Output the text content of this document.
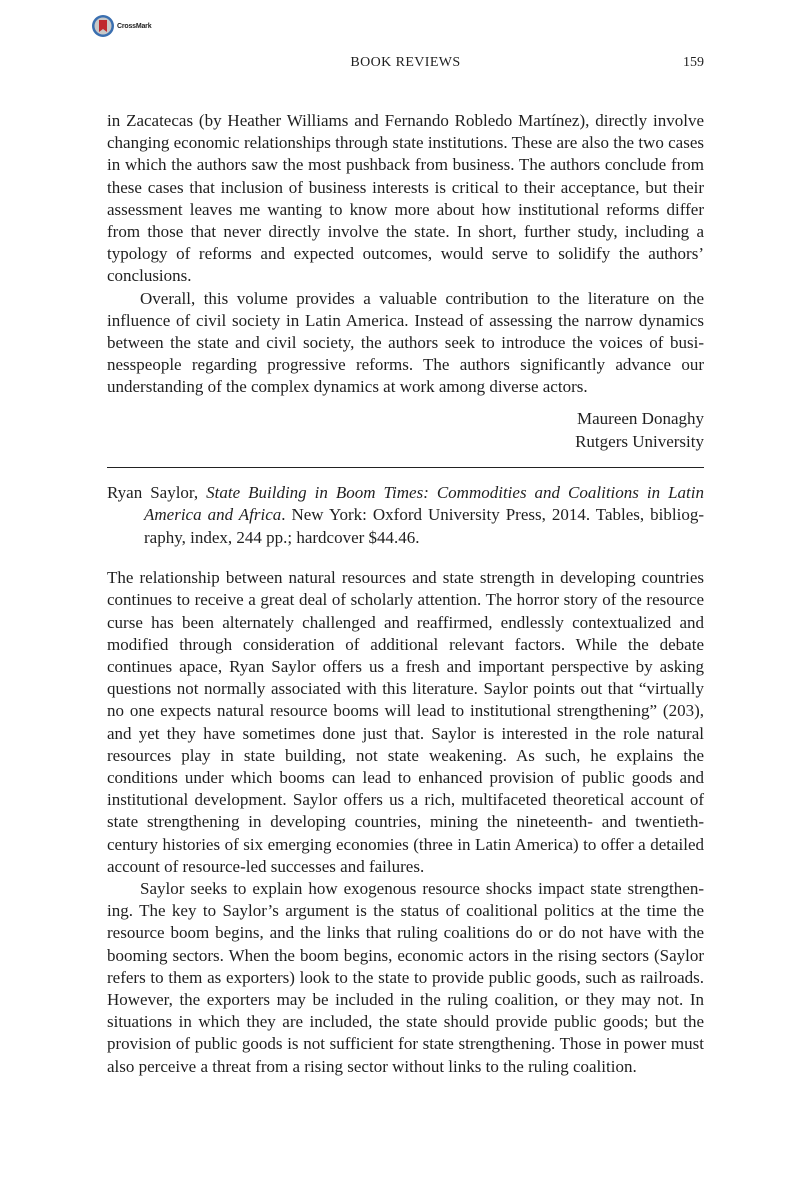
CrossMark
BOOK REVIEWS	159

in Zacatecas (by Heather Williams and Fernando Robledo Martínez), directly involve changing economic relationships through state institutions. These are also the two cases in which the authors saw the most pushback from business. The authors conclude from these cases that inclusion of business interests is critical to their acceptance, but their assessment leaves me wanting to know more about how institutional reforms differ from those that never directly involve the state. In short, further study, including a typology of reforms and expected outcomes, would serve to solidify the authors’ conclusions.

Overall, this volume provides a valuable contribution to the literature on the influence of civil society in Latin America. Instead of assessing the narrow dynamics between the state and civil society, the authors seek to introduce the voices of businesspeople regarding progressive reforms. The authors significantly advance our understanding of the complex dynamics at work among diverse actors.

Maureen Donaghy
Rutgers University

Ryan Saylor, State Building in Boom Times: Commodities and Coalitions in Latin America and Africa. New York: Oxford University Press, 2014. Tables, bibliography, index, 244 pp.; hardcover $44.46.

The relationship between natural resources and state strength in developing countries continues to receive a great deal of scholarly attention. The horror story of the resource curse has been alternately challenged and reaffirmed, endlessly contextualized and modified through consideration of additional relevant factors. While the debate continues apace, Ryan Saylor offers us a fresh and important perspective by asking questions not normally associated with this literature. Saylor points out that “virtually no one expects natural resource booms will lead to institutional strengthening” (203), and yet they have sometimes done just that. Saylor is interested in the role natural resources play in state building, not state weakening. As such, he explains the conditions under which booms can lead to enhanced provision of public goods and institutional development. Saylor offers us a rich, multifaceted theoretical account of state strengthening in developing countries, mining the nineteenth- and twentieth-century histories of six emerging economies (three in Latin America) to offer a detailed account of resource-led successes and failures.

Saylor seeks to explain how exogenous resource shocks impact state strengthening. The key to Saylor’s argument is the status of coalitional politics at the time the resource boom begins, and the links that ruling coalitions do or do not have with the booming sectors. When the boom begins, economic actors in the rising sectors (Saylor refers to them as exporters) look to the state to provide public goods, such as railroads. However, the exporters may be included in the ruling coalition, or they may not. In situations in which they are included, the state should provide public goods; but the provision of public goods is not sufficient for state strengthening. Those in power must also perceive a threat from a rising sector without links to the ruling coalition.
